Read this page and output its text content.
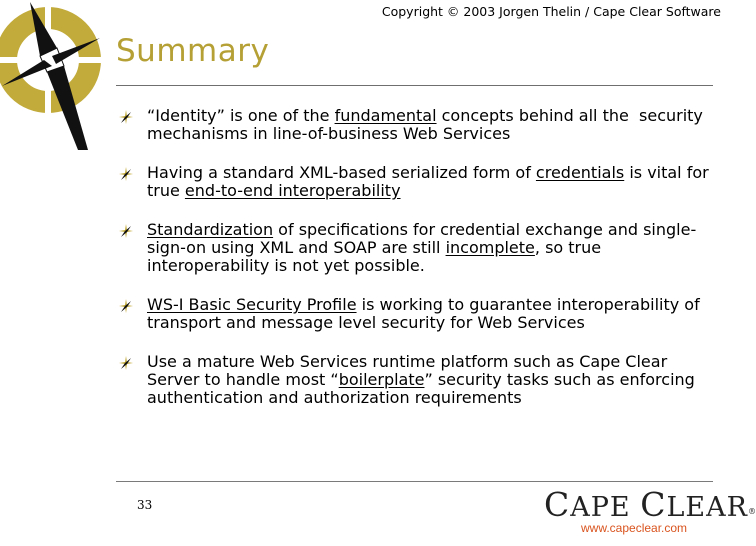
Copyright © 2003 Jorgen Thelin / Cape Clear Software
Summary
“Identity” is one of the fundamental concepts behind all the  security mechanisms in line-of-business Web Services
Having a standard XML-based serialized form of credentials is vital for true end-to-end interoperability
Standardization of specifications for credential exchange and single-sign-on using XML and SOAP are still incomplete, so true interoperability is not yet possible.
WS-I Basic Security Profile is working to guarantee interoperability of transport and message level security for Web Services
Use a mature Web Services runtime platform such as Cape Clear Server to handle most “boilerplate” security tasks such as enforcing authentication and authorization requirements
33	CAPE CLEAR®
www.capeclear.com
